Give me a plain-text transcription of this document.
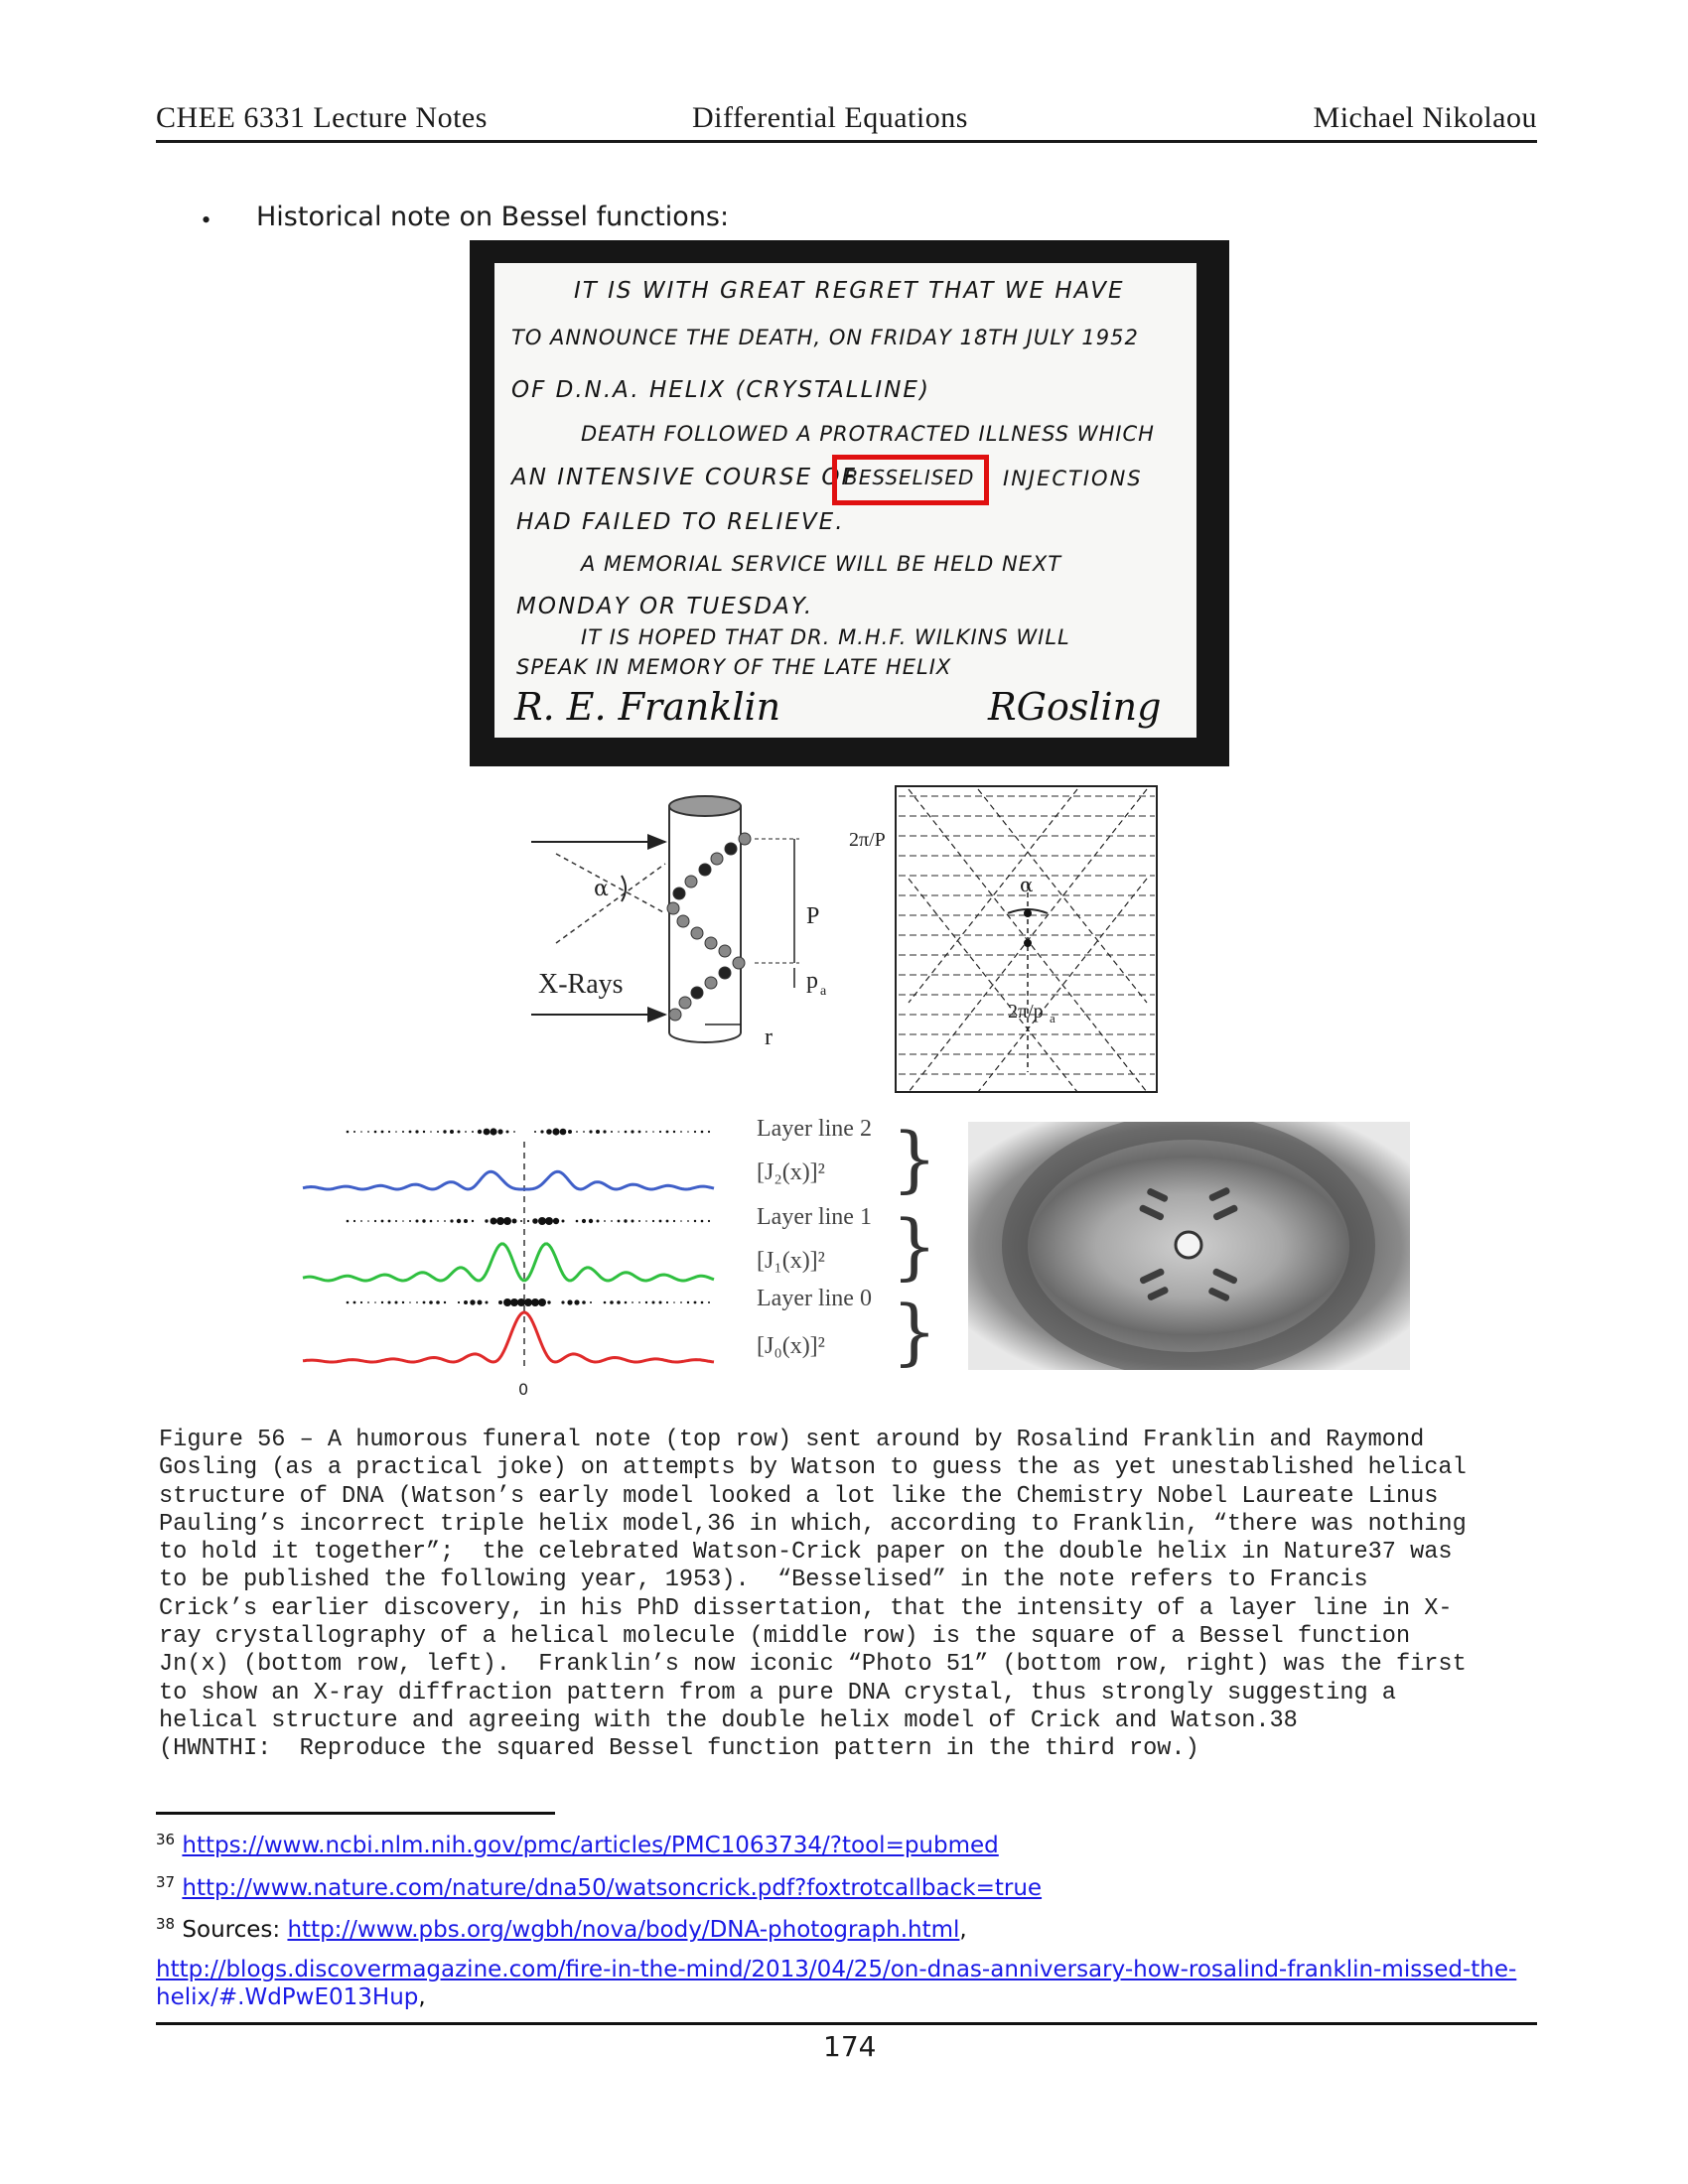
CHEE 6331 Lecture Notes	Differential Equations	Michael Nikolaou
• Historical note on Bessel functions:
IT IS WITH GREAT REGRET THAT WE HAVE
TO ANNOUNCE THE DEATH, ON FRIDAY 18TH JULY 1952
OF D.N.A. HELIX (CRYSTALLINE)
DEATH FOLLOWED A PROTRACTED ILLNESS WHICH
AN INTENSIVE COURSE OF
BESSELISED INJECTIONS
HAD FAILED TO RELIEVE.
A MEMORIAL SERVICE WILL BE HELD NEXT
MONDAY OR TUESDAY.
IT IS HOPED THAT DR. M.H.F. WILKINS WILL
SPEAK IN MEMORY OF THE LATE HELIX
R. E. Franklin	RGosling
α
X-Rays
P
p a
r
2π/P
α
2π/p a
0
Layer line 2
[J₂(x)]²
Layer line 1
[J₁(x)]²
Layer line 0
[J₀(x)]²
}
}
}

Figure 56 – A humorous funeral note (top row) sent around by Rosalind Franklin and Raymond

Gosling (as a practical joke) on attempts by Watson to guess the as yet unestablished helical

structure of DNA (Watson’s early model looked a lot like the Chemistry Nobel Laureate Linus

Pauling’s incorrect triple helix model,36 in which, according to Franklin, “there was nothing

to hold it together”;  the celebrated Watson-Crick paper on the double helix in Nature37 was

to be published the following year, 1953).  “Besselised” in the note refers to Francis

Crick’s earlier discovery, in his PhD dissertation, that the intensity of a layer line in X-

ray crystallography of a helical molecule (middle row) is the square of a Bessel function

Jn(x) (bottom row, left).  Franklin’s now iconic “Photo 51” (bottom row, right) was the first

to show an X-ray diffraction pattern from a pure DNA crystal, thus strongly suggesting a

helical structure and agreeing with the double helix model of Crick and Watson.38

(HWNTHI:  Reproduce the squared Bessel function pattern in the third row.)

$^{36}$ https://www.ncbi.nlm.nih.gov/pmc/articles/PMC1063734/?tool=pubmed
$^{37}$ http://www.nature.com/nature/dna50/watsoncrick.pdf?foxtrotcallback=true
$^{38}$ Sources: http://www.pbs.org/wgbh/nova/body/DNA-photograph.html,
http://blogs.discovermagazine.com/fire-in-the-mind/2013/04/25/on-dnas-anniversary-how-rosalind-franklin-missed-the-
helix/#.WdPwE013Hup,
174
